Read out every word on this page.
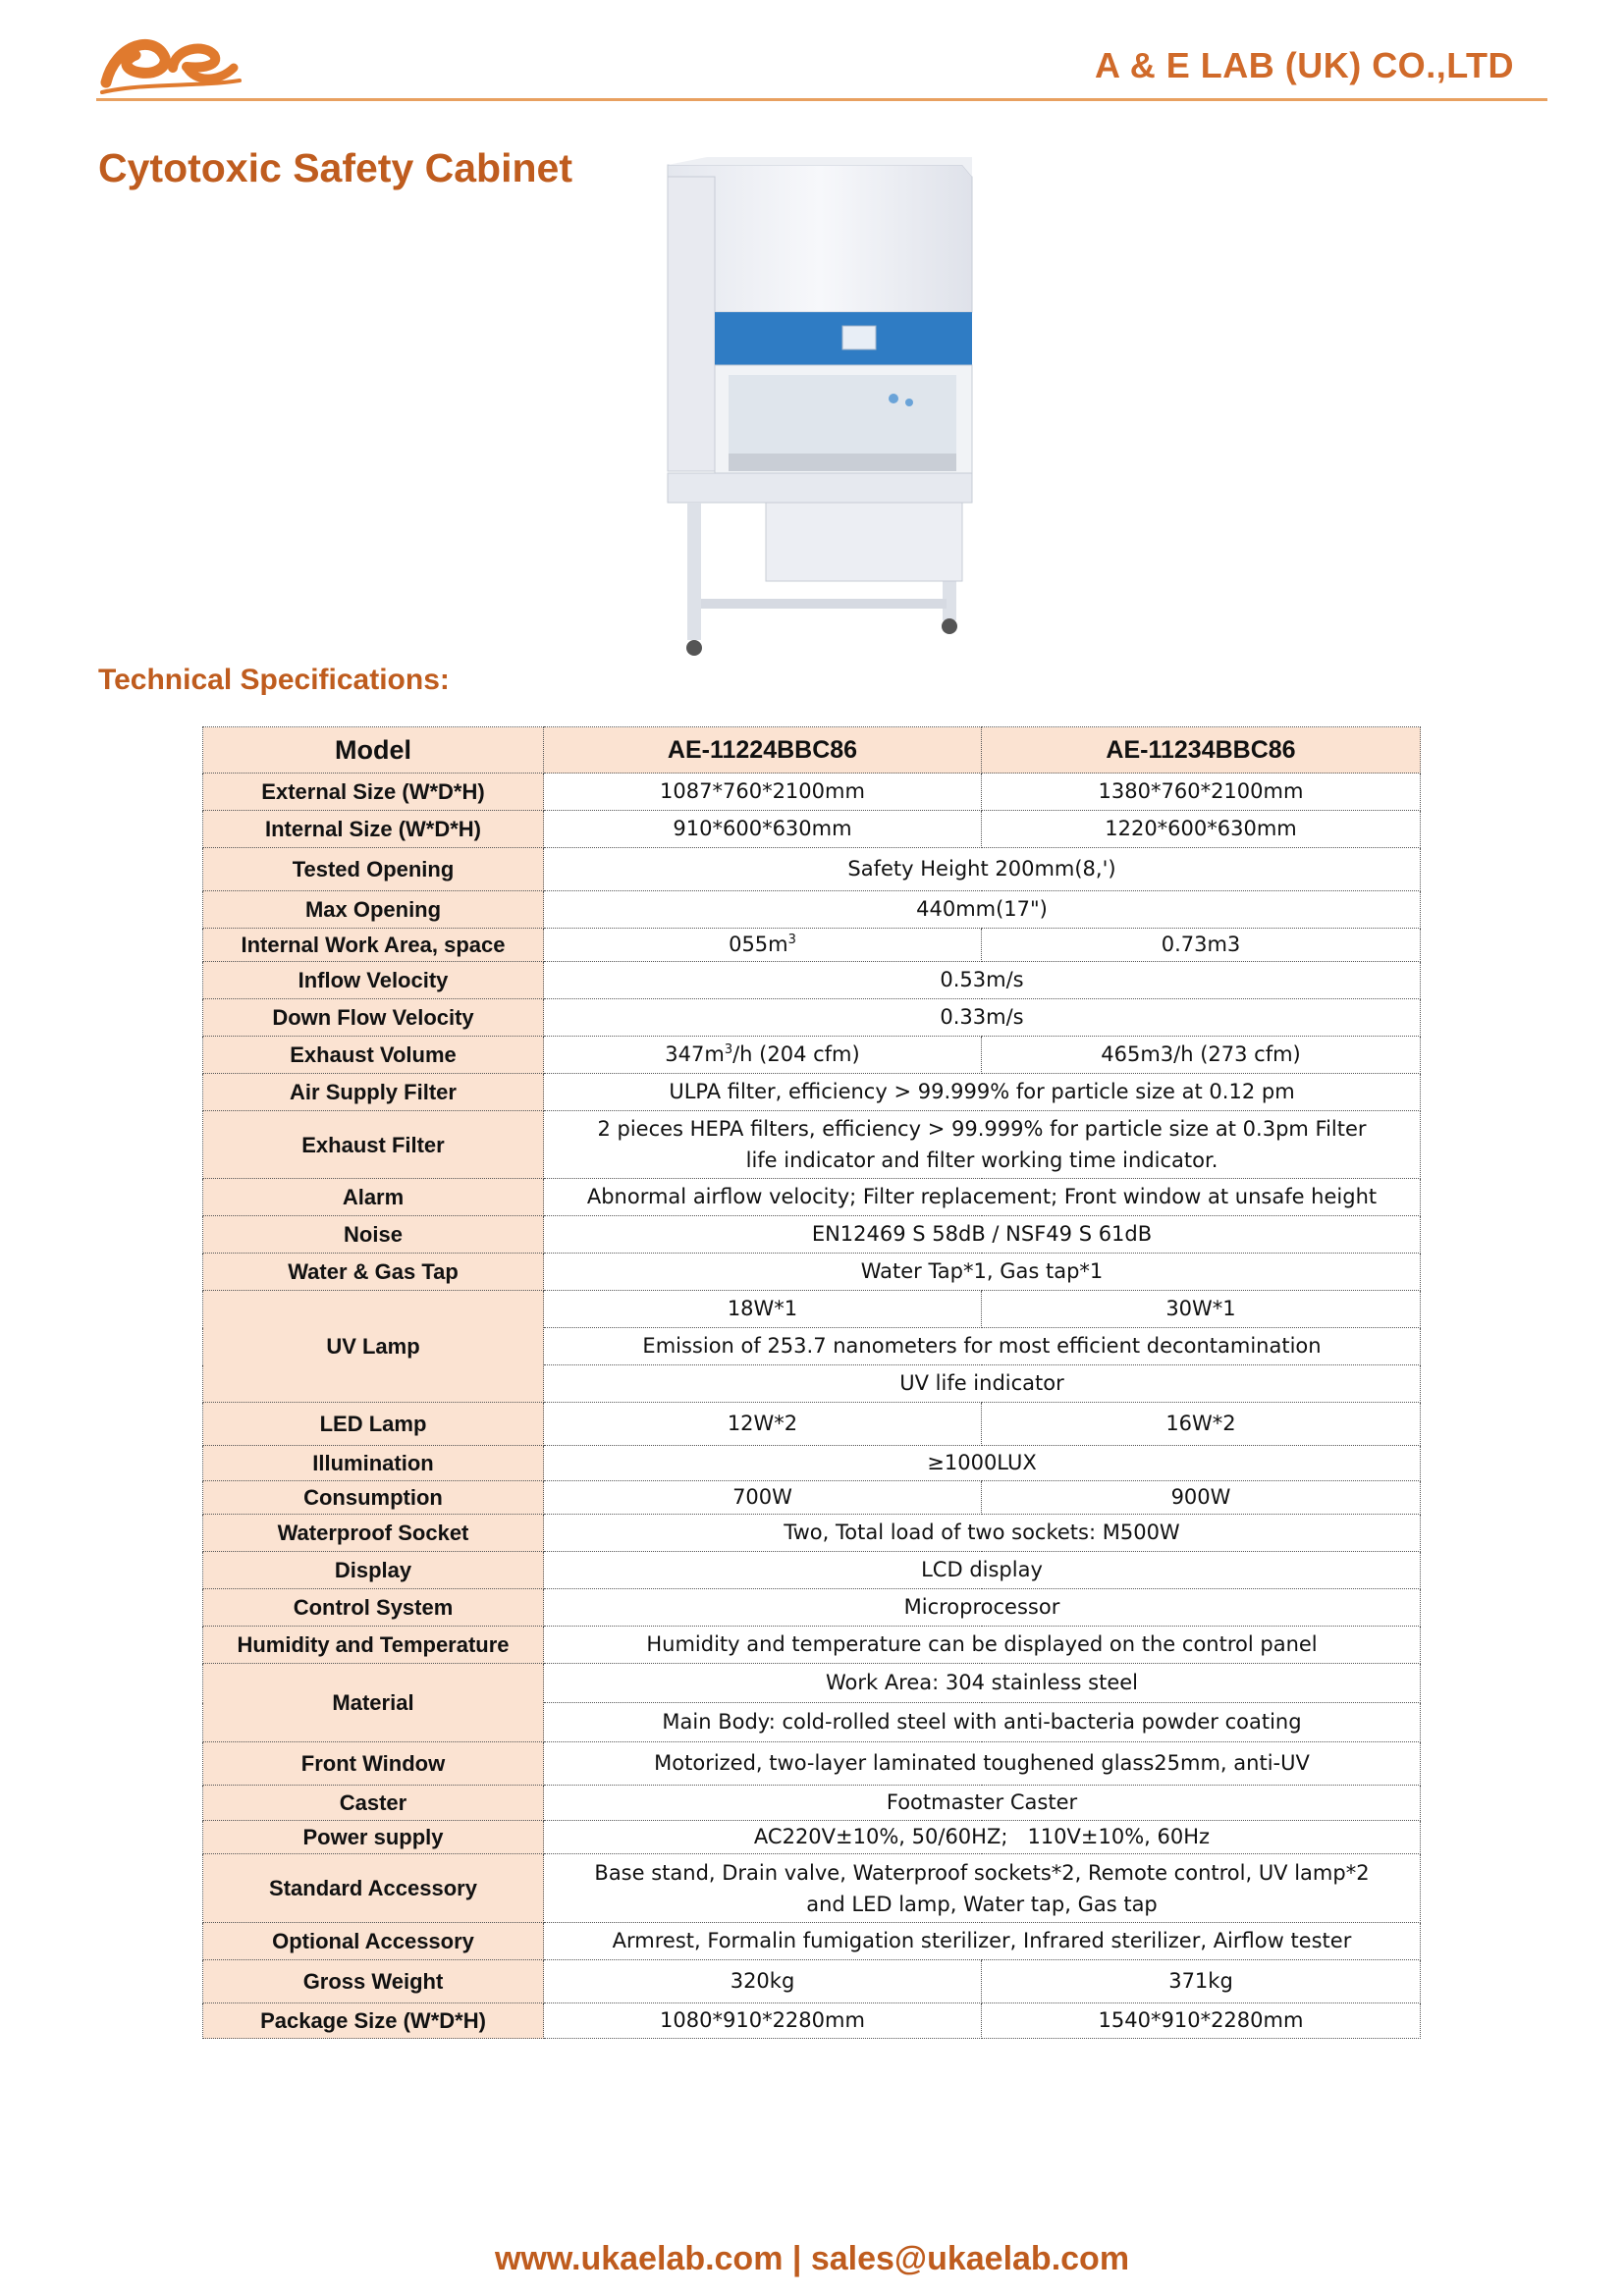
A & E LAB (UK) CO.,LTD
Cytotoxic Safety Cabinet
Technical Specifications:
Model	AE-11224BBC86	AE-11234BBC86
External Size (W*D*H)	1087*760*2100mm	1380*760*2100mm
Internal Size (W*D*H)	910*600*630mm	1220*600*630mm
Tested Opening	Safety Height 200mm(8,')	
Max Opening	440mm(17")	
Internal Work Area, space	$055m^3$	0.73m3
Inflow Velocity	0.53m/s	
Down Flow Velocity	0.33m/s	
Exhaust Volume	$347m^3/h$ (204 cfm)	465m3/h (273 cfm)
Air Supply Filter	ULPA filter, efficiency > 99.999% for particle size at 0.12 pm	
Exhaust Filter	2 pieces HEPA filters, efficiency > 99.999% for particle size at 0.3pm Filter life indicator and filter working time indicator.	
Alarm	Abnormal airflow velocity; Filter replacement; Front window at unsafe height	
Noise	EN12469 S 58dB / NSF49 S 61dB	
Water & Gas Tap	Water Tap*1, Gas tap*1	
UV Lamp	18W*1	30W*1
	Emission of 253.7 nanometers for most efficient decontamination	
	UV life indicator	
LED Lamp	12W*2	16W*2
Illumination	≥1000LUX	
Consumption	700W	900W
Waterproof Socket	Two, Total load of two sockets: M500W	
Display	LCD display	
Control System	Microprocessor	
Humidity and Temperature	Humidity and temperature can be displayed on the control panel	
Material	Work Area: 304 stainless steel	
	Main Body: cold-rolled steel with anti-bacteria powder coating	
Front Window	Motorized, two-layer laminated toughened glass25mm, anti-UV	
Caster	Footmaster Caster	
Power supply	AC220V±10%, 50/60HZ;   110V±10%, 60Hz	
Standard Accessory	Base stand, Drain valve, Waterproof sockets*2, Remote control, UV lamp*2 and LED lamp, Water tap, Gas tap	
Optional Accessory	Armrest, Formalin fumigation sterilizer, Infrared sterilizer, Airflow tester	
Gross Weight	320kg	371kg
Package Size (W*D*H)	1080*910*2280mm	1540*910*2280mm
www.ukaelab.com | sales@ukaelab.com
